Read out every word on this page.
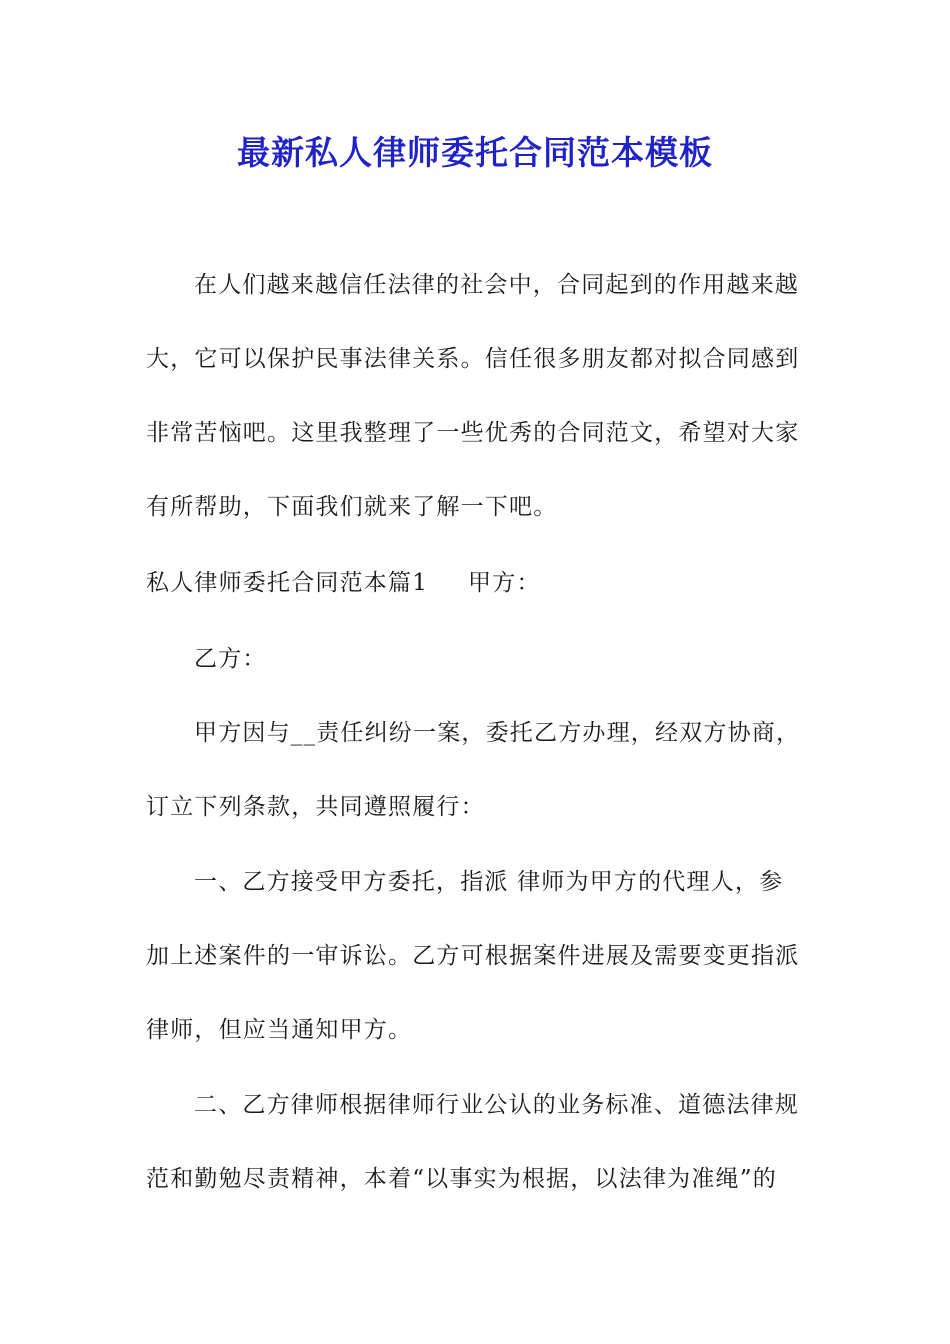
最新私人律师委托合同范本模板

在人们越来越信任法律的社会中，合同起到的作用越来越大，它可以保护民事法律关系。信任很多朋友都对拟合同感到非常苦恼吧。这里我整理了一些优秀的合同范文，希望对大家有所帮助，下面我们就来了解一下吧。

私人律师委托合同范本篇1 甲方：

乙方：

甲方因与__责任纠纷一案，委托乙方办理，经双方协商，订立下列条款，共同遵照履行：

一、乙方接受甲方委托，指派 律师为甲方的代理人，参加上述案件的一审诉讼。乙方可根据案件进展及需要变更指派律师，但应当通知甲方。

二、乙方律师根据律师行业公认的业务标准、道德法律规范和勤勉尽责精神，本着“以事实为根据，以法律为准绳”的
